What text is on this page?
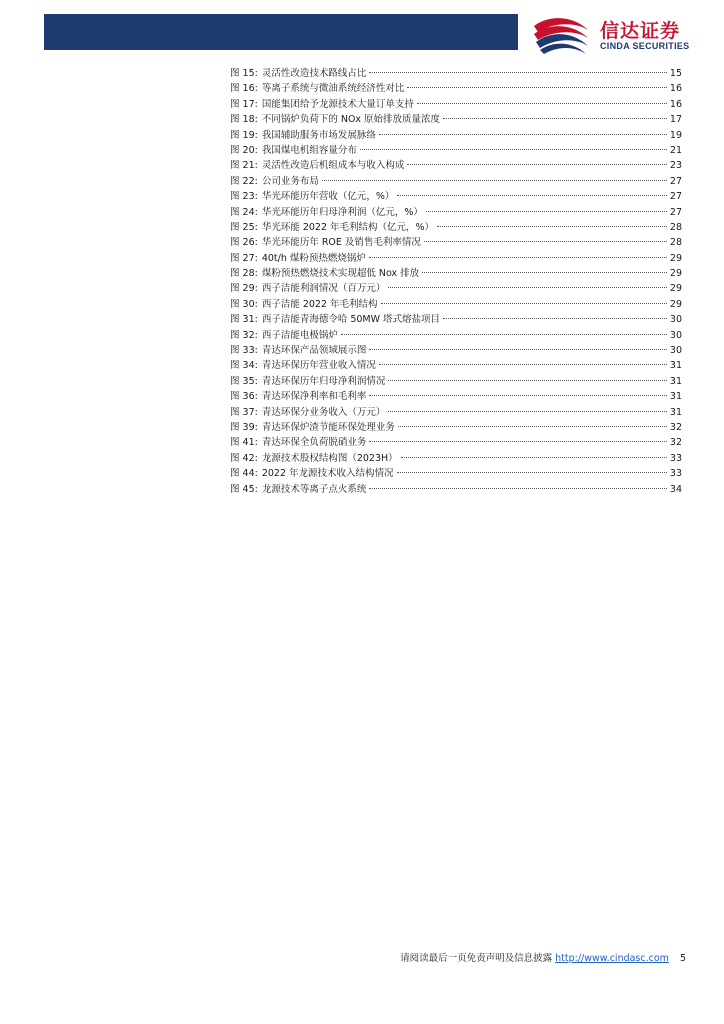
信达证券
CINDA SECURITIES
图 15: 灵活性改造技术路线占比	15
图 16: 等离子系统与微油系统经济性对比	16
图 17: 国能集团给予龙源技术大量订单支持	16
图 18: 不同锅炉负荷下的 NOx 原始排放质量浓度	17
图 19: 我国辅助服务市场发展脉络	19
图 20: 我国煤电机组容量分布	21
图 21: 灵活性改造后机组成本与收入构成	23
图 22: 公司业务布局	27
图 23: 华光环能历年营收（亿元，%）	27
图 24: 华光环能历年归母净利润（亿元，%）	27
图 25: 华光环能 2022 年毛利结构（亿元，%）	28
图 26: 华光环能历年 ROE 及销售毛利率情况	28
图 27: 40t/h 煤粉预热燃烧锅炉	29
图 28: 煤粉预热燃烧技术实现超低 Nox 排放	29
图 29: 西子洁能利润情况（百万元）	29
图 30: 西子洁能 2022 年毛利结构	29
图 31: 西子洁能青海德令哈 50MW 塔式熔盐项目	30
图 32: 西子洁能电极锅炉	30
图 33: 青达环保产品领域展示图	30
图 34: 青达环保历年营业收入情况	31
图 35: 青达环保历年归母净利润情况	31
图 36: 青达环保净利率和毛利率	31
图 37: 青达环保分业务收入（万元）	31
图 39: 青达环保炉渣节能环保处理业务	32
图 41: 青达环保全负荷脱硝业务	32
图 42: 龙源技术股权结构图（2023H）	33
图 44: 2022 年龙源技术收入结构情况	33
图 45: 龙源技术等离子点火系统	34
请阅读最后一页免责声明及信息披露 http://www.cindasc.com 5
